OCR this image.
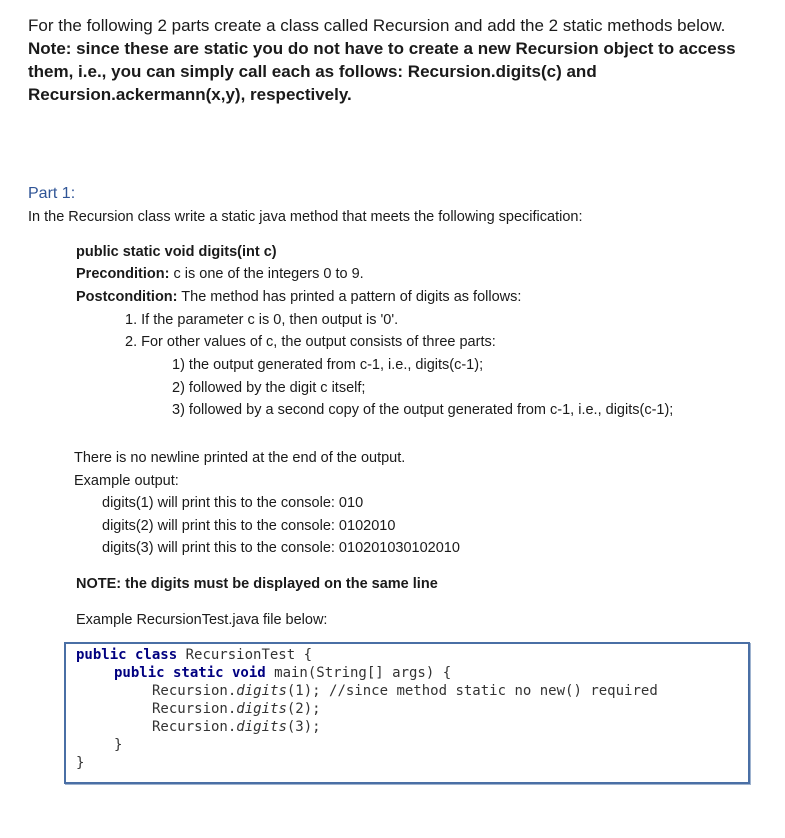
For the following 2 parts create a class called Recursion and add the 2 static methods below.
Note: since these are static you do not have to create a new Recursion object to access them, i.e., you can simply call each as follows: Recursion.digits(c) and Recursion.ackermann(x,y), respectively.
Part 1:
In the Recursion class write a static java method that meets the following specification:
public static void digits(int c)
Precondition: c is one of the integers 0 to 9.
Postcondition: The method has printed a pattern of digits as follows:
1. If the parameter c is 0, then output is '0'.
2. For other values of c, the output consists of three parts:
1) the output generated from c-1, i.e., digits(c-1);
2) followed by the digit c itself;
3) followed by a second copy of the output generated from c-1, i.e., digits(c-1);
There is no newline printed at the end of the output.
Example output:
digits(1) will print this to the console: 010
digits(2) will print this to the console: 0102010
digits(3) will print this to the console: 010201030102010
NOTE: the digits must be displayed on the same line
Example RecursionTest.java file below:
public class RecursionTest {
public static void main(String[] args) {
Recursion.digits(1); //since method static no new() required
Recursion.digits(2);
Recursion.digits(3);
}
}
